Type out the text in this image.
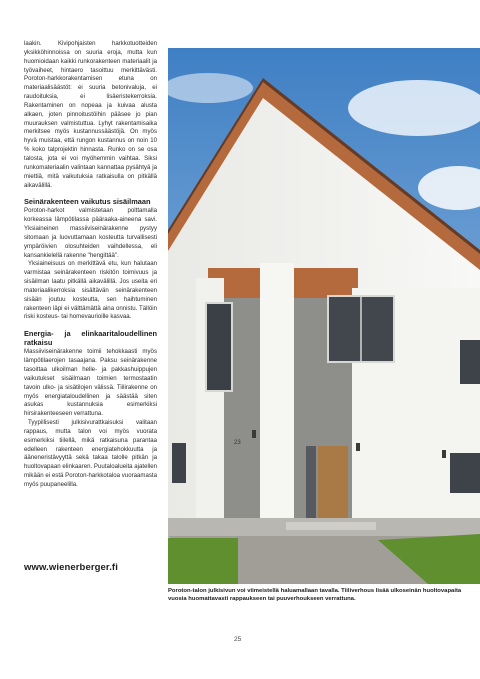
laakin. Kivipohjaisten harkkotuotteiden yksikköhinnoissa on suuria eroja, mutta kun huomioidaan kaikki runkorakenteen materiaalit ja työvaiheet, hintaero tasoittuu merkittävästi. Poroton-harkkorakentamisen etuna on materiaalisäästöt: ei suuria betonivaluja, ei raudoituksia, ei lisäeristekerroksia. Rakentaminen on nopeaa ja kuivaa alusta alkaen, joten pinnoitustöihin pääsee jo pian muurauksen valmistuttua. Lyhyt rakentamisaika merkitsee myös kustannussäästöjä. On myös hyvä muistaa, että rungon kustannus on noin 10 % koko talprojektin hinnasta. Runko on se osa talosta, jota ei voi myöhemmin vaihtaa. Siksi runkomateriaalin valintaan kannattaa pysähtyä ja miettiä, mitä vaikutuksia ratkaisulla on pitkällä aikavälillä.

Seinärakenteen vaikutus sisäilmaan

Poroton-harkot valmistetaan polttamalla korkeassa lämpötilassa pääraaka-aineena savi. Yksiaineinen massiiviseinärakenne pystyy sitomaan ja luovuttamaan kosteutta turvallisesti ympäröivien olosuhteiden vaihdellessa, eli kansankielellä rakenne "hengittää".

Yksiaineisuus on merkittävä etu, kun halutaan varmistaa seinärakenteen riskitön toimivuus ja sisäilman laatu pitkällä aikavälillä. Jos useita eri materiaalikerroksia sisältävän seinärakenteen sisään joutuu kosteutta, sen haihtuminen rakenteen läpi ei välttämättä aina onnistu. Tällöin riski kosteus- tai homevaurioille kasvaa.

Energia- ja elinkaaritaloudellinen ratkaisu

Massiiviseinärakenne toimii tehokkaasti myös lämpötilaerojen tasaajana. Paksu seinärakenne tasoittaa ulkoilman helle- ja pakkashuippujen vaikutukset sisäilmaan toimien termostaatin tavoin ulko- ja sisätilojen välissä. Tiilirakenne on myös energiataloudellinen ja säästää siten asukas kustannuksia esimerkiksi hirsirakenteeseen verrattuna.

Tyypillisesti julkisivurattkaisuksi valitaan rappaus, mutta talon voi myös vuorata esimerkiksi tiilellä, mikä ratkaisuna parantaa edelleen rakenteen energiatehokkuutta ja ääneneristävyyttä sekä takaa talolle pitkän ja huoltovapaan elinkaaren. Puutaloalueita ajatellen mikään ei estä Poroton-harkkotaloa vuoraamasta myös puupaneelilla.

www.wienerberger.fi
23
Poroton-talon julkisivun voi viimeistellä haluamallaan tavalla. Tiiliverhous lisää ulkoseinän huoltovapaita vuosia huomattavasti rappaukseen tai puuverhoukseen verrattuna.
25
